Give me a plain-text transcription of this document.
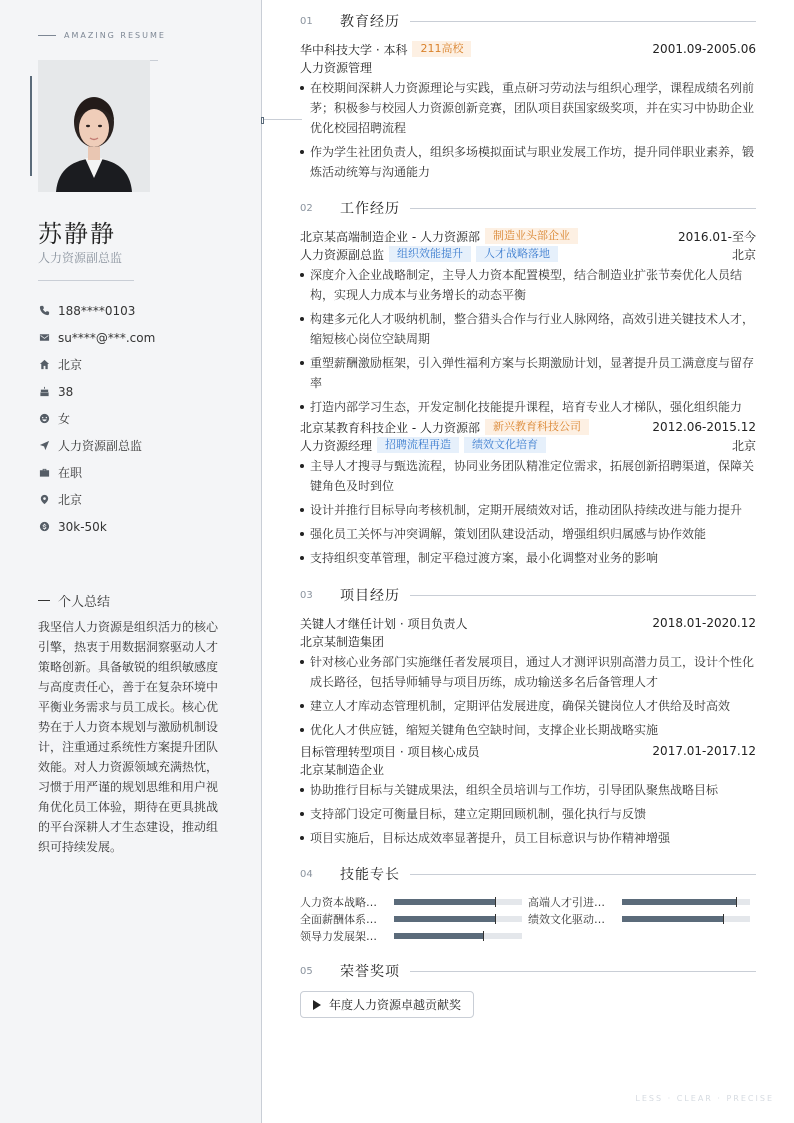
AMAZING RESUME
苏静静
人力资源副总监
188****0103
su****@***.com
北京
38
女
人力资源副总监
在职
北京
30k-50k
个人总结
我坚信人力资源是组织活力的核心引擎，热衷于用数据洞察驱动人才策略创新。具备敏锐的组织敏感度与高度责任心，善于在复杂环境中平衡业务需求与员工成长。核心优势在于人力资本规划与激励机制设计，注重通过系统性方案提升团队效能。对人力资源领域充满热忱，习惯于用严谨的规划思维和用户视角优化员工体验，期待在更具挑战的平台深耕人才生态建设，推动组织可持续发展。
01	教育经历
华中科技大学 · 本科	211高校	2001.09-2005.06
人力资源管理
在校期间深耕人力资源理论与实践，重点研习劳动法与组织心理学，课程成绩名列前茅；积极参与校园人力资源创新竞赛，团队项目获国家级奖项，并在实习中协助企业优化校园招聘流程
作为学生社团负责人，组织多场模拟面试与职业发展工作坊，提升同伴职业素养，锻炼活动统筹与沟通能力
02	工作经历
北京某高端制造企业 - 人力资源部	制造业头部企业	2016.01-至今
人力资源副总监	组织效能提升	人才战略落地	北京
深度介入企业战略制定，主导人力资本配置模型，结合制造业扩张节奏优化人员结构，实现人力成本与业务增长的动态平衡
构建多元化人才吸纳机制，整合猎头合作与行业人脉网络，高效引进关键技术人才，缩短核心岗位空缺周期
重塑薪酬激励框架，引入弹性福利方案与长期激励计划，显著提升员工满意度与留存率
打造内部学习生态，开发定制化技能提升课程，培育专业人才梯队，强化组织能力
北京某教育科技企业 - 人力资源部	新兴教育科技公司	2012.06-2015.12
人力资源经理	招聘流程再造	绩效文化培育	北京
主导人才搜寻与甄选流程，协同业务团队精准定位需求，拓展创新招聘渠道，保障关键角色及时到位
设计并推行目标导向考核机制，定期开展绩效对话，推动团队持续改进与能力提升
强化员工关怀与冲突调解，策划团队建设活动，增强组织归属感与协作效能
支持组织变革管理，制定平稳过渡方案，最小化调整对业务的影响
03	项目经历
关键人才继任计划 · 项目负责人	2018.01-2020.12
北京某制造集团
针对核心业务部门实施继任者发展项目，通过人才测评识别高潜力员工，设计个性化成长路径，包括导师辅导与项目历练，成功输送多名后备管理人才
建立人才库动态管理机制，定期评估发展进度，确保关键岗位人才供给及时高效
优化人才供应链，缩短关键角色空缺时间，支撑企业长期战略实施
目标管理转型项目 · 项目核心成员	2017.01-2017.12
北京某制造企业
协助推行目标与关键成果法，组织全员培训与工作坊，引导团队聚焦战略目标
支持部门设定可衡量目标，建立定期回顾机制，强化执行与反馈
项目实施后，目标达成效率显著提升，员工目标意识与协作精神增强
04	技能专长
人力资本战略…	高端人才引进…
全面薪酬体系…	绩效文化驱动…
领导力发展架…
05	荣誉奖项
年度人力资源卓越贡献奖
LESS · CLEAR · PRECISE
